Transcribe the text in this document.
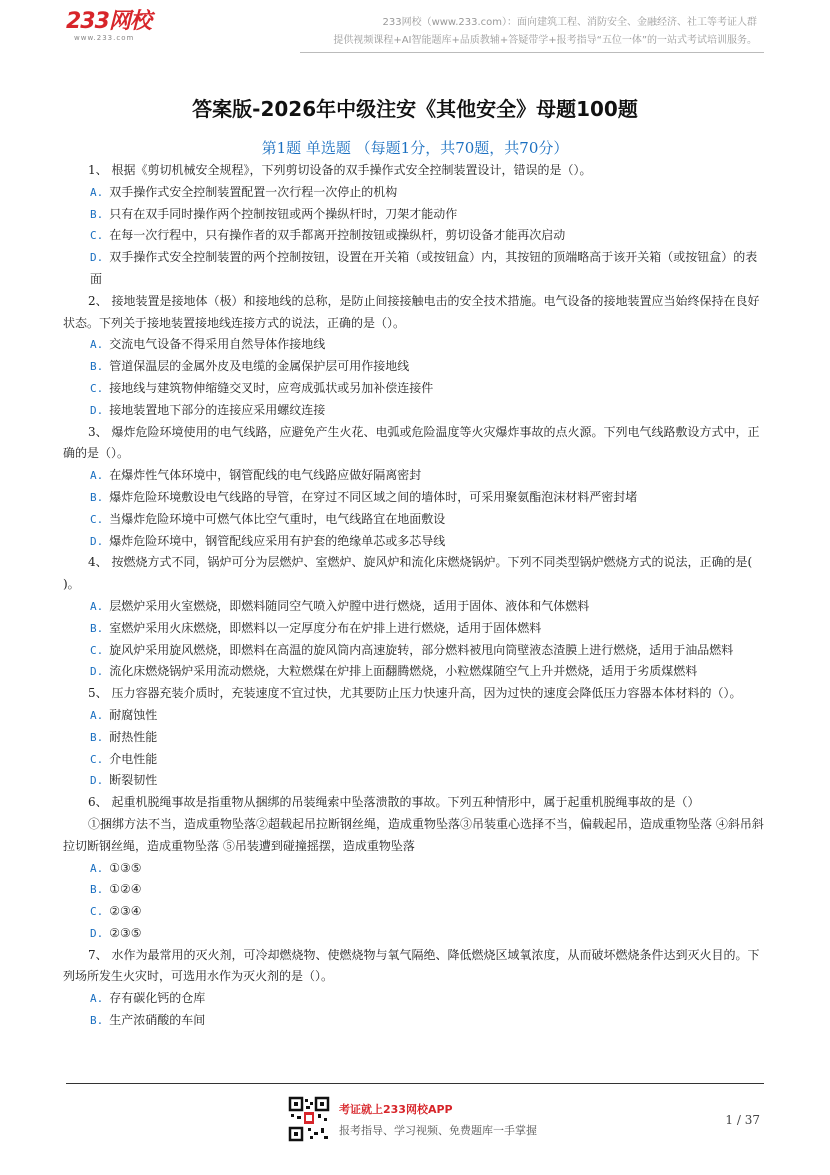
233网校
www.233.com
233网校（www.233.com）：面向建筑工程、消防安全、金融经济、社工等考证人群
提供视频课程+AI智能题库+品质教辅+答疑带学+报考指导“五位一体”的一站式考试培训服务。
答案版-2026年中级注安《其他安全》母题100题
第1题 单选题 （每题1分，共70题，共70分）

1、 根据《剪切机械安全规程》，下列剪切设备的双手操作式安全控制装置设计，错误的是（）。

A. 双手操作式安全控制装置配置一次行程一次停止的机构

B. 只有在双手同时操作两个控制按钮或两个操纵杆时，刀架才能动作

C. 在每一次行程中，只有操作者的双手都离开控制按钮或操纵杆，剪切设备才能再次启动

D. 双手操作式安全控制装置的两个控制按钮，设置在开关箱（或按钮盒）内，其按钮的顶端略高于该开关箱（或按钮盒）的表面

2、 接地装置是接地体（极）和接地线的总称，是防止间接接触电击的安全技术措施。电气设备的接地装置应当始终保持在良好状态。下列关于接地装置接地线连接方式的说法，正确的是（）。

A. 交流电气设备不得采用自然导体作接地线

B. 管道保温层的金属外皮及电缆的金属保护层可用作接地线

C. 接地线与建筑物伸缩缝交叉时，应弯成弧状或另加补偿连接件

D. 接地装置地下部分的连接应采用螺纹连接

3、 爆炸危险环境使用的电气线路，应避免产生火花、电弧或危险温度等火灾爆炸事故的点火源。下列电气线路敷设方式中，正确的是（）。

A. 在爆炸性气体环境中，钢管配线的电气线路应做好隔离密封

B. 爆炸危险环境敷设电气线路的导管，在穿过不同区域之间的墙体时，可采用聚氨酯泡沫材料严密封堵

C. 当爆炸危险环境中可燃气体比空气重时，电气线路宜在地面敷设

D. 爆炸危险环境中，钢管配线应采用有护套的绝缘单芯或多芯导线

4、 按燃烧方式不同，锅炉可分为层燃炉、室燃炉、旋风炉和流化床燃烧锅炉。下列不同类型锅炉燃烧方式的说法，正确的是( )。

A. 层燃炉采用火室燃烧，即燃料随同空气喷入炉膛中进行燃烧，适用于固体、液体和气体燃料

B. 室燃炉采用火床燃烧，即燃料以一定厚度分布在炉排上进行燃烧，适用于固体燃料

C. 旋风炉采用旋风燃烧，即燃料在高温的旋风筒内高速旋转，部分燃料被甩向筒壁液态渣膜上进行燃烧，适用于油品燃料

D. 流化床燃烧锅炉采用流动燃烧，大粒燃煤在炉排上面翻腾燃烧，小粒燃煤随空气上升并燃烧，适用于劣质煤燃料

5、 压力容器充装介质时，充装速度不宜过快，尤其要防止压力快速升高，因为过快的速度会降低压力容器本体材料的（）。

A. 耐腐蚀性

B. 耐热性能

C. 介电性能

D. 断裂韧性

6、 起重机脱绳事故是指重物从捆绑的吊装绳索中坠落溃散的事故。下列五种情形中，属于起重机脱绳事故的是（）

①捆绑方法不当，造成重物坠落②超载起吊拉断钢丝绳，造成重物坠落③吊装重心选择不当，偏载起吊，造成重物坠落 ④斜吊斜拉切断钢丝绳，造成重物坠落 ⑤吊装遭到碰撞摇摆，造成重物坠落

A. ①③⑤

B. ①②④

C. ②③④

D. ②③⑤

7、 水作为最常用的灭火剂，可冷却燃烧物、使燃烧物与氧气隔绝、降低燃烧区域氧浓度，从而破坏燃烧条件达到灭火目的。下列场所发生火灾时，可选用水作为灭火剂的是（）。

A. 存有碳化钙的仓库

B. 生产浓硝酸的车间

考证就上233网校APP
报考指导、学习视频、免费题库一手掌握
1 / 37
